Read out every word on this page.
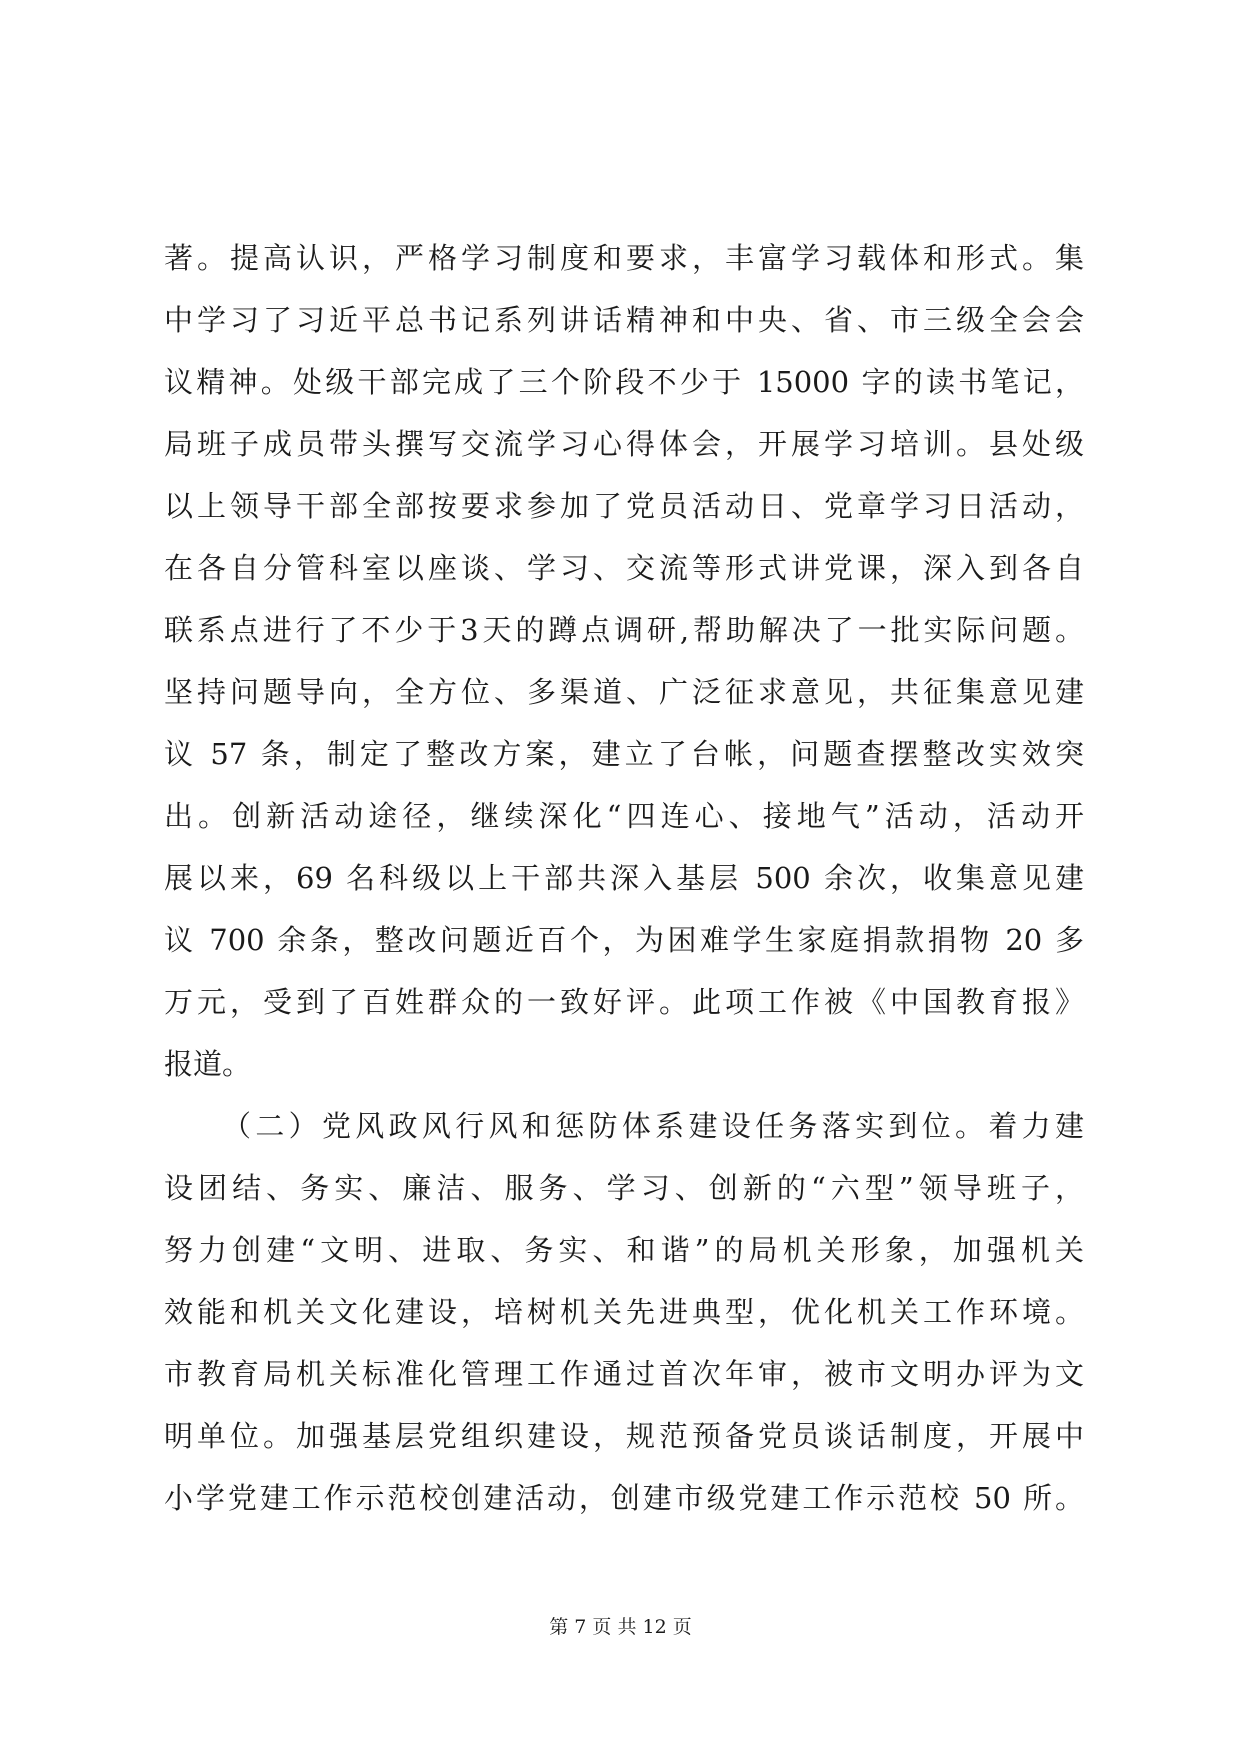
著。提高认识，严格学习制度和要求，丰富学习载体和形式。集
中学习了习近平总书记系列讲话精神和中央、省、市三级全会会
议精神。处级干部完成了三个阶段不少于 15000 字的读书笔记，
局班子成员带头撰写交流学习心得体会，开展学习培训。县处级
以上领导干部全部按要求参加了党员活动日、党章学习日活动，
在各自分管科室以座谈、学习、交流等形式讲党课，深入到各自
联系点进行了不少于3天的蹲点调研,帮助解决了一批实际问题。
坚持问题导向，全方位、多渠道、广泛征求意见，共征集意见建
议 57 条，制定了整改方案，建立了台帐，问题查摆整改实效突
出。创新活动途径，继续深化“四连心、接地气”活动，活动开
展以来，69 名科级以上干部共深入基层 500 余次，收集意见建
议 700 余条，整改问题近百个，为困难学生家庭捐款捐物 20 多
万元，受到了百姓群众的一致好评。此项工作被《中国教育报》
报道。
（二）党风政风行风和惩防体系建设任务落实到位。着力建
设团结、务实、廉洁、服务、学习、创新的“六型”领导班子，
努力创建“文明、进取、务实、和谐”的局机关形象，加强机关
效能和机关文化建设，培树机关先进典型，优化机关工作环境。
市教育局机关标准化管理工作通过首次年审，被市文明办评为文
明单位。加强基层党组织建设，规范预备党员谈话制度，开展中
小学党建工作示范校创建活动，创建市级党建工作示范校 50 所。
第 7 页 共 12 页
